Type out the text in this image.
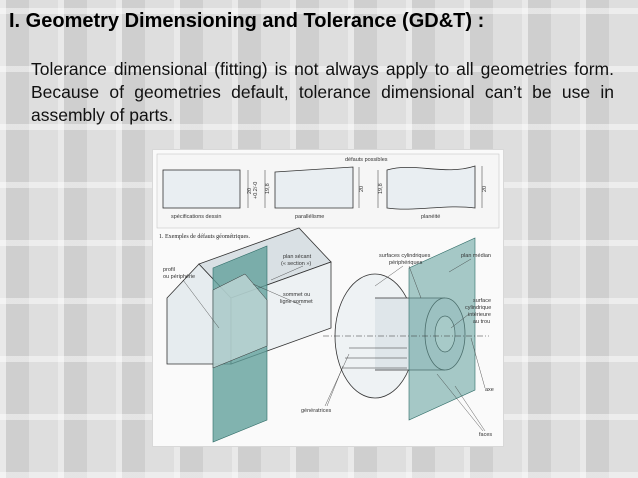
I. Geometry Dimensioning and Tolerance (GD&T) :
Tolerance dimensional (fitting) is not always apply to all geometries form. Because of geometries default, tolerance dimensional can’t be use in assembly of parts.
20 +0.2/-0
spécifications dessin
19,8	20
parallélisme
19,8	20
planéité
défauts possibles
1. Exemples de défauts géométriques.
profil
ou périphérie
plan sécant
(« section »)
sommet ou
ligne sommet
surfaces cylindriques
périphériques
plan médian
surface
cylindrique
intérieure
au trou
axe
génératrices
faces
